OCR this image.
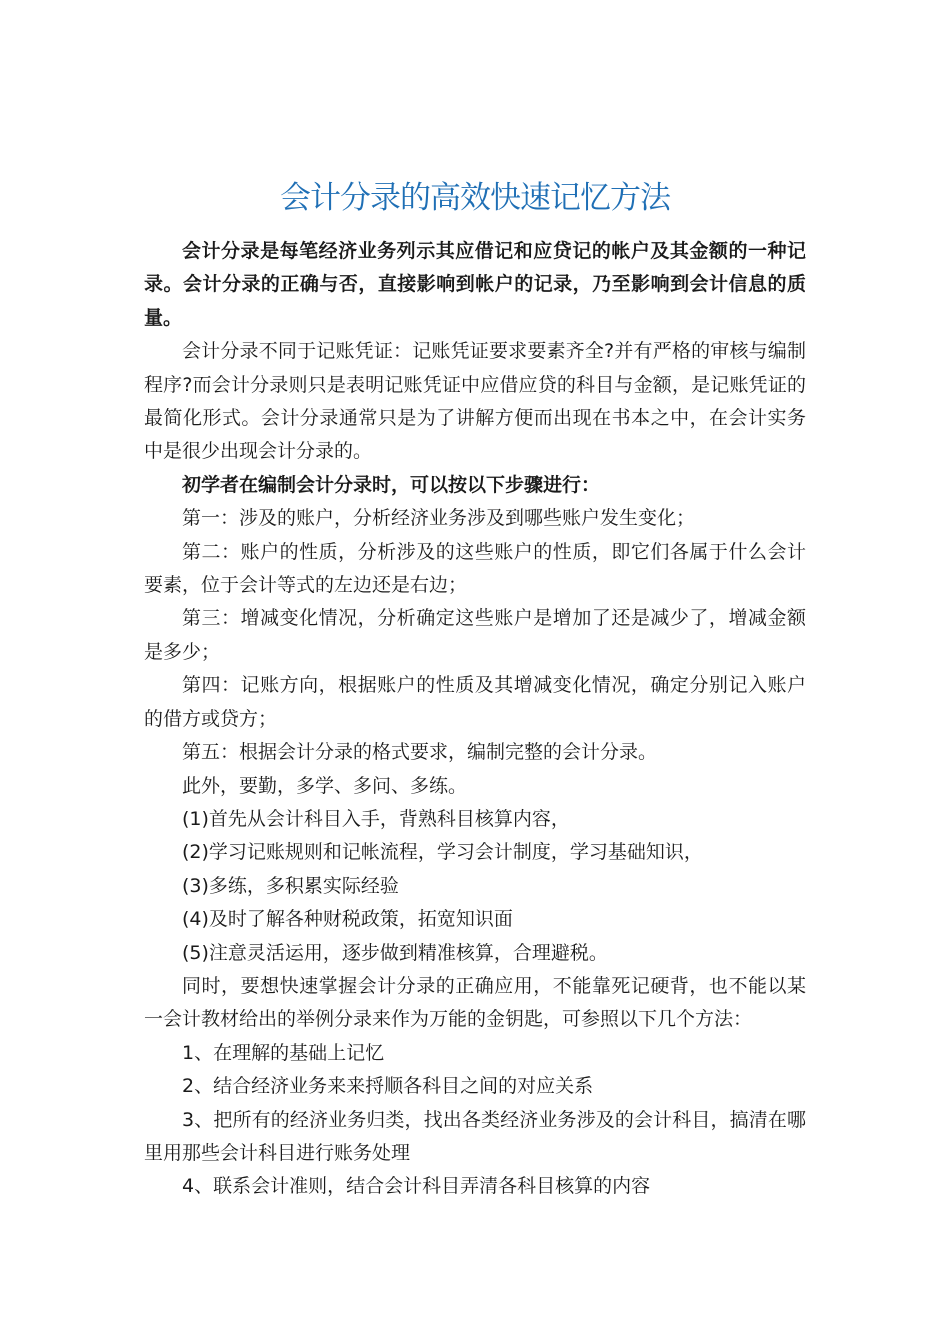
会计分录的高效快速记忆方法

会计分录是每笔经济业务列示其应借记和应贷记的帐户及其金额的一种记录。会计分录的正确与否，直接影响到帐户的记录，乃至影响到会计信息的质量。

会计分录不同于记账凭证：记账凭证要求要素齐全?并有严格的审核与编制程序?而会计分录则只是表明记账凭证中应借应贷的科目与金额，是记账凭证的最简化形式。会计分录通常只是为了讲解方便而出现在书本之中，在会计实务中是很少出现会计分录的。

初学者在编制会计分录时，可以按以下步骤进行：

第一：涉及的账户，分析经济业务涉及到哪些账户发生变化；

第二：账户的性质，分析涉及的这些账户的性质，即它们各属于什么会计要素，位于会计等式的左边还是右边；

第三：增减变化情况，分析确定这些账户是增加了还是减少了，增减金额是多少；

第四：记账方向，根据账户的性质及其增减变化情况，确定分别记入账户的借方或贷方；

第五：根据会计分录的格式要求，编制完整的会计分录。

此外，要勤，多学、多问、多练。

(1)首先从会计科目入手，背熟科目核算内容，

(2)学习记账规则和记帐流程，学习会计制度，学习基础知识，

(3)多练，多积累实际经验

(4)及时了解各种财税政策，拓宽知识面

(5)注意灵活运用，逐步做到精准核算，合理避税。

同时，要想快速掌握会计分录的正确应用，不能靠死记硬背，也不能以某一会计教材给出的举例分录来作为万能的金钥匙，可参照以下几个方法：

1、在理解的基础上记忆

2、结合经济业务来来捋顺各科目之间的对应关系

3、把所有的经济业务归类，找出各类经济业务涉及的会计科目，搞清在哪里用那些会计科目进行账务处理

4、联系会计准则，结合会计科目弄清各科目核算的内容
